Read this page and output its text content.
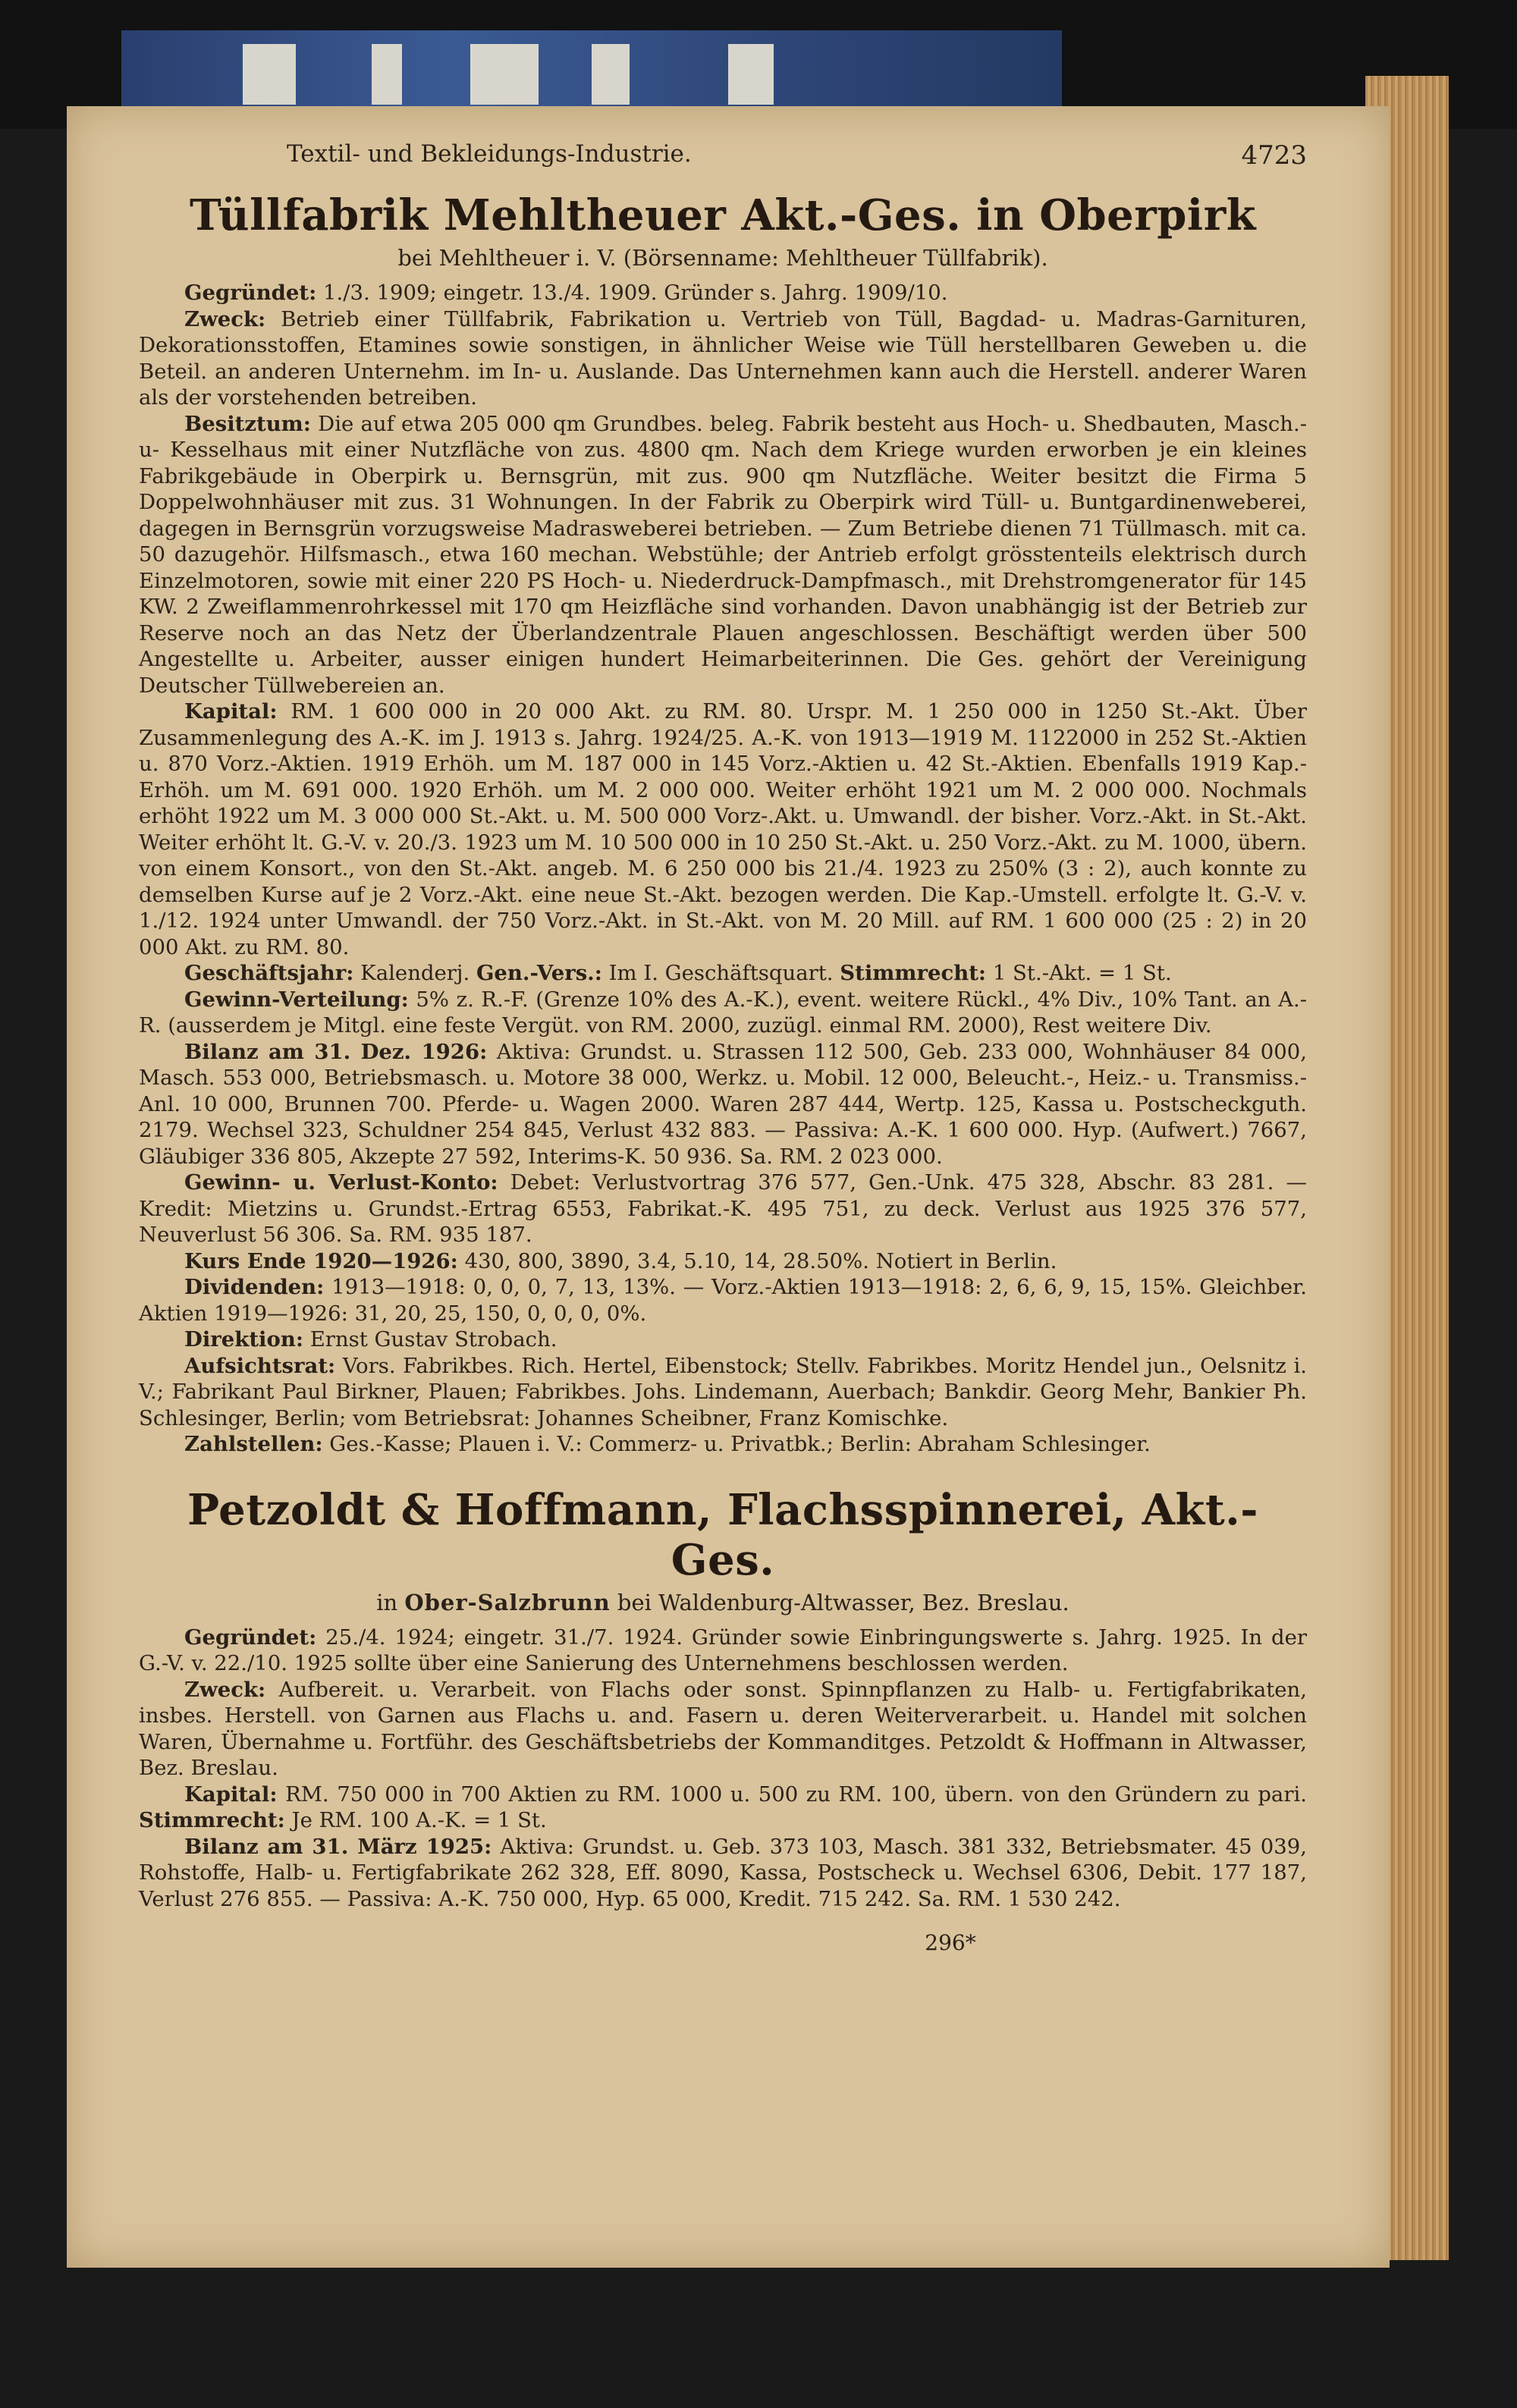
Textil- und Bekleidungs-Industrie.	4723
Tüllfabrik Mehltheuer Akt.-Ges. in Oberpirk
bei Mehltheuer i. V. (Börsenname: Mehltheuer Tüllfabrik).

Gegründet: 1./3. 1909; eingetr. 13./4. 1909. Gründer s. Jahrg. 1909/10.

Zweck: Betrieb einer Tüllfabrik, Fabrikation u. Vertrieb von Tüll, Bagdad- u. Madras-Garnituren, Dekorationsstoffen, Etamines sowie sonstigen, in ähnlicher Weise wie Tüll herstellbaren Geweben u. die Beteil. an anderen Unternehm. im In- u. Auslande. Das Unternehmen kann auch die Herstell. anderer Waren als der vorstehenden betreiben.

Besitztum: Die auf etwa 205 000 qm Grundbes. beleg. Fabrik besteht aus Hoch- u. Shedbauten, Masch.- u- Kesselhaus mit einer Nutzfläche von zus. 4800 qm. Nach dem Kriege wurden erworben je ein kleines Fabrikgebäude in Oberpirk u. Bernsgrün, mit zus. 900 qm Nutzfläche. Weiter besitzt die Firma 5 Doppelwohnhäuser mit zus. 31 Wohnungen. In der Fabrik zu Oberpirk wird Tüll- u. Buntgardinenweberei, dagegen in Bernsgrün vorzugsweise Madrasweberei betrieben. — Zum Betriebe dienen 71 Tüllmasch. mit ca. 50 dazugehör. Hilfsmasch., etwa 160 mechan. Webstühle; der Antrieb erfolgt grösstenteils elektrisch durch Einzelmotoren, sowie mit einer 220 PS Hoch- u. Niederdruck-Dampfmasch., mit Drehstromgenerator für 145 KW. 2 Zweiflammenrohrkessel mit 170 qm Heizfläche sind vorhanden. Davon unabhängig ist der Betrieb zur Reserve noch an das Netz der Überlandzentrale Plauen angeschlossen. Beschäftigt werden über 500 Angestellte u. Arbeiter, ausser einigen hundert Heimarbeiterinnen. Die Ges. gehört der Vereinigung Deutscher Tüllwebereien an.

Kapital: RM. 1 600 000 in 20 000 Akt. zu RM. 80. Urspr. M. 1 250 000 in 1250 St.-Akt. Über Zusammenlegung des A.-K. im J. 1913 s. Jahrg. 1924/25. A.-K. von 1913—1919 M. 1122000 in 252 St.-Aktien u. 870 Vorz.-Aktien. 1919 Erhöh. um M. 187 000 in 145 Vorz.-Aktien u. 42 St.-Aktien. Ebenfalls 1919 Kap.-Erhöh. um M. 691 000. 1920 Erhöh. um M. 2 000 000. Weiter erhöht 1921 um M. 2 000 000. Nochmals erhöht 1922 um M. 3 000 000 St.-Akt. u. M. 500 000 Vorz-.Akt. u. Umwandl. der bisher. Vorz.-Akt. in St.-Akt. Weiter erhöht lt. G.-V. v. 20./3. 1923 um M. 10 500 000 in 10 250 St.-Akt. u. 250 Vorz.-Akt. zu M. 1000, übern. von einem Konsort., von den St.-Akt. angeb. M. 6 250 000 bis 21./4. 1923 zu 250% (3 : 2), auch konnte zu demselben Kurse auf je 2 Vorz.-Akt. eine neue St.-Akt. bezogen werden. Die Kap.-Umstell. erfolgte lt. G.-V. v. 1./12. 1924 unter Umwandl. der 750 Vorz.-Akt. in St.-Akt. von M. 20 Mill. auf RM. 1 600 000 (25 : 2) in 20 000 Akt. zu RM. 80.

Geschäftsjahr: Kalenderj. Gen.-Vers.: Im I. Geschäftsquart. Stimmrecht: 1 St.-Akt. = 1 St.

Gewinn-Verteilung: 5% z. R.-F. (Grenze 10% des A.-K.), event. weitere Rückl., 4% Div., 10% Tant. an A.-R. (ausserdem je Mitgl. eine feste Vergüt. von RM. 2000, zuzügl. einmal RM. 2000), Rest weitere Div.

Bilanz am 31. Dez. 1926: Aktiva: Grundst. u. Strassen 112 500, Geb. 233 000, Wohnhäuser 84 000, Masch. 553 000, Betriebsmasch. u. Motore 38 000, Werkz. u. Mobil. 12 000, Beleucht.-, Heiz.- u. Transmiss.-Anl. 10 000, Brunnen 700. Pferde- u. Wagen 2000. Waren 287 444, Wertp. 125, Kassa u. Postscheckguth. 2179. Wechsel 323, Schuldner 254 845, Verlust 432 883. — Passiva: A.-K. 1 600 000. Hyp. (Aufwert.) 7667, Gläubiger 336 805, Akzepte 27 592, Interims-K. 50 936. Sa. RM. 2 023 000.

Gewinn- u. Verlust-Konto: Debet: Verlustvortrag 376 577, Gen.-Unk. 475 328, Abschr. 83 281. — Kredit: Mietzins u. Grundst.-Ertrag 6553, Fabrikat.-K. 495 751, zu deck. Verlust aus 1925 376 577, Neuverlust 56 306. Sa. RM. 935 187.

Kurs Ende 1920—1926: 430, 800, 3890, 3.4, 5.10, 14, 28.50%. Notiert in Berlin.

Dividenden: 1913—1918: 0, 0, 0, 7, 13, 13%. — Vorz.-Aktien 1913—1918: 2, 6, 6, 9, 15, 15%. Gleichber. Aktien 1919—1926: 31, 20, 25, 150, 0, 0, 0, 0%.

Direktion: Ernst Gustav Strobach.

Aufsichtsrat: Vors. Fabrikbes. Rich. Hertel, Eibenstock; Stellv. Fabrikbes. Moritz Hendel jun., Oelsnitz i. V.; Fabrikant Paul Birkner, Plauen; Fabrikbes. Johs. Lindemann, Auerbach; Bankdir. Georg Mehr, Bankier Ph. Schlesinger, Berlin; vom Betriebsrat: Johannes Scheibner, Franz Komischke.

Zahlstellen: Ges.-Kasse; Plauen i. V.: Commerz- u. Privatbk.; Berlin: Abraham Schlesinger.

Petzoldt & Hoffmann, Flachsspinnerei, Akt.-Ges.
in Ober-Salzbrunn bei Waldenburg-Altwasser, Bez. Breslau.

Gegründet: 25./4. 1924; eingetr. 31./7. 1924. Gründer sowie Einbringungswerte s. Jahrg. 1925. In der G.-V. v. 22./10. 1925 sollte über eine Sanierung des Unternehmens beschlossen werden.

Zweck: Aufbereit. u. Verarbeit. von Flachs oder sonst. Spinnpflanzen zu Halb- u. Fertigfabrikaten, insbes. Herstell. von Garnen aus Flachs u. and. Fasern u. deren Weiterverarbeit. u. Handel mit solchen Waren, Übernahme u. Fortführ. des Geschäftsbetriebs der Kommanditges. Petzoldt & Hoffmann in Altwasser, Bez. Breslau.

Kapital: RM. 750 000 in 700 Aktien zu RM. 1000 u. 500 zu RM. 100, übern. von den Gründern zu pari. Stimmrecht: Je RM. 100 A.-K. = 1 St.

Bilanz am 31. März 1925: Aktiva: Grundst. u. Geb. 373 103, Masch. 381 332, Betriebsmater. 45 039, Rohstoffe, Halb- u. Fertigfabrikate 262 328, Eff. 8090, Kassa, Postscheck u. Wechsel 6306, Debit. 177 187, Verlust 276 855. — Passiva: A.-K. 750 000, Hyp. 65 000, Kredit. 715 242. Sa. RM. 1 530 242.

296*
